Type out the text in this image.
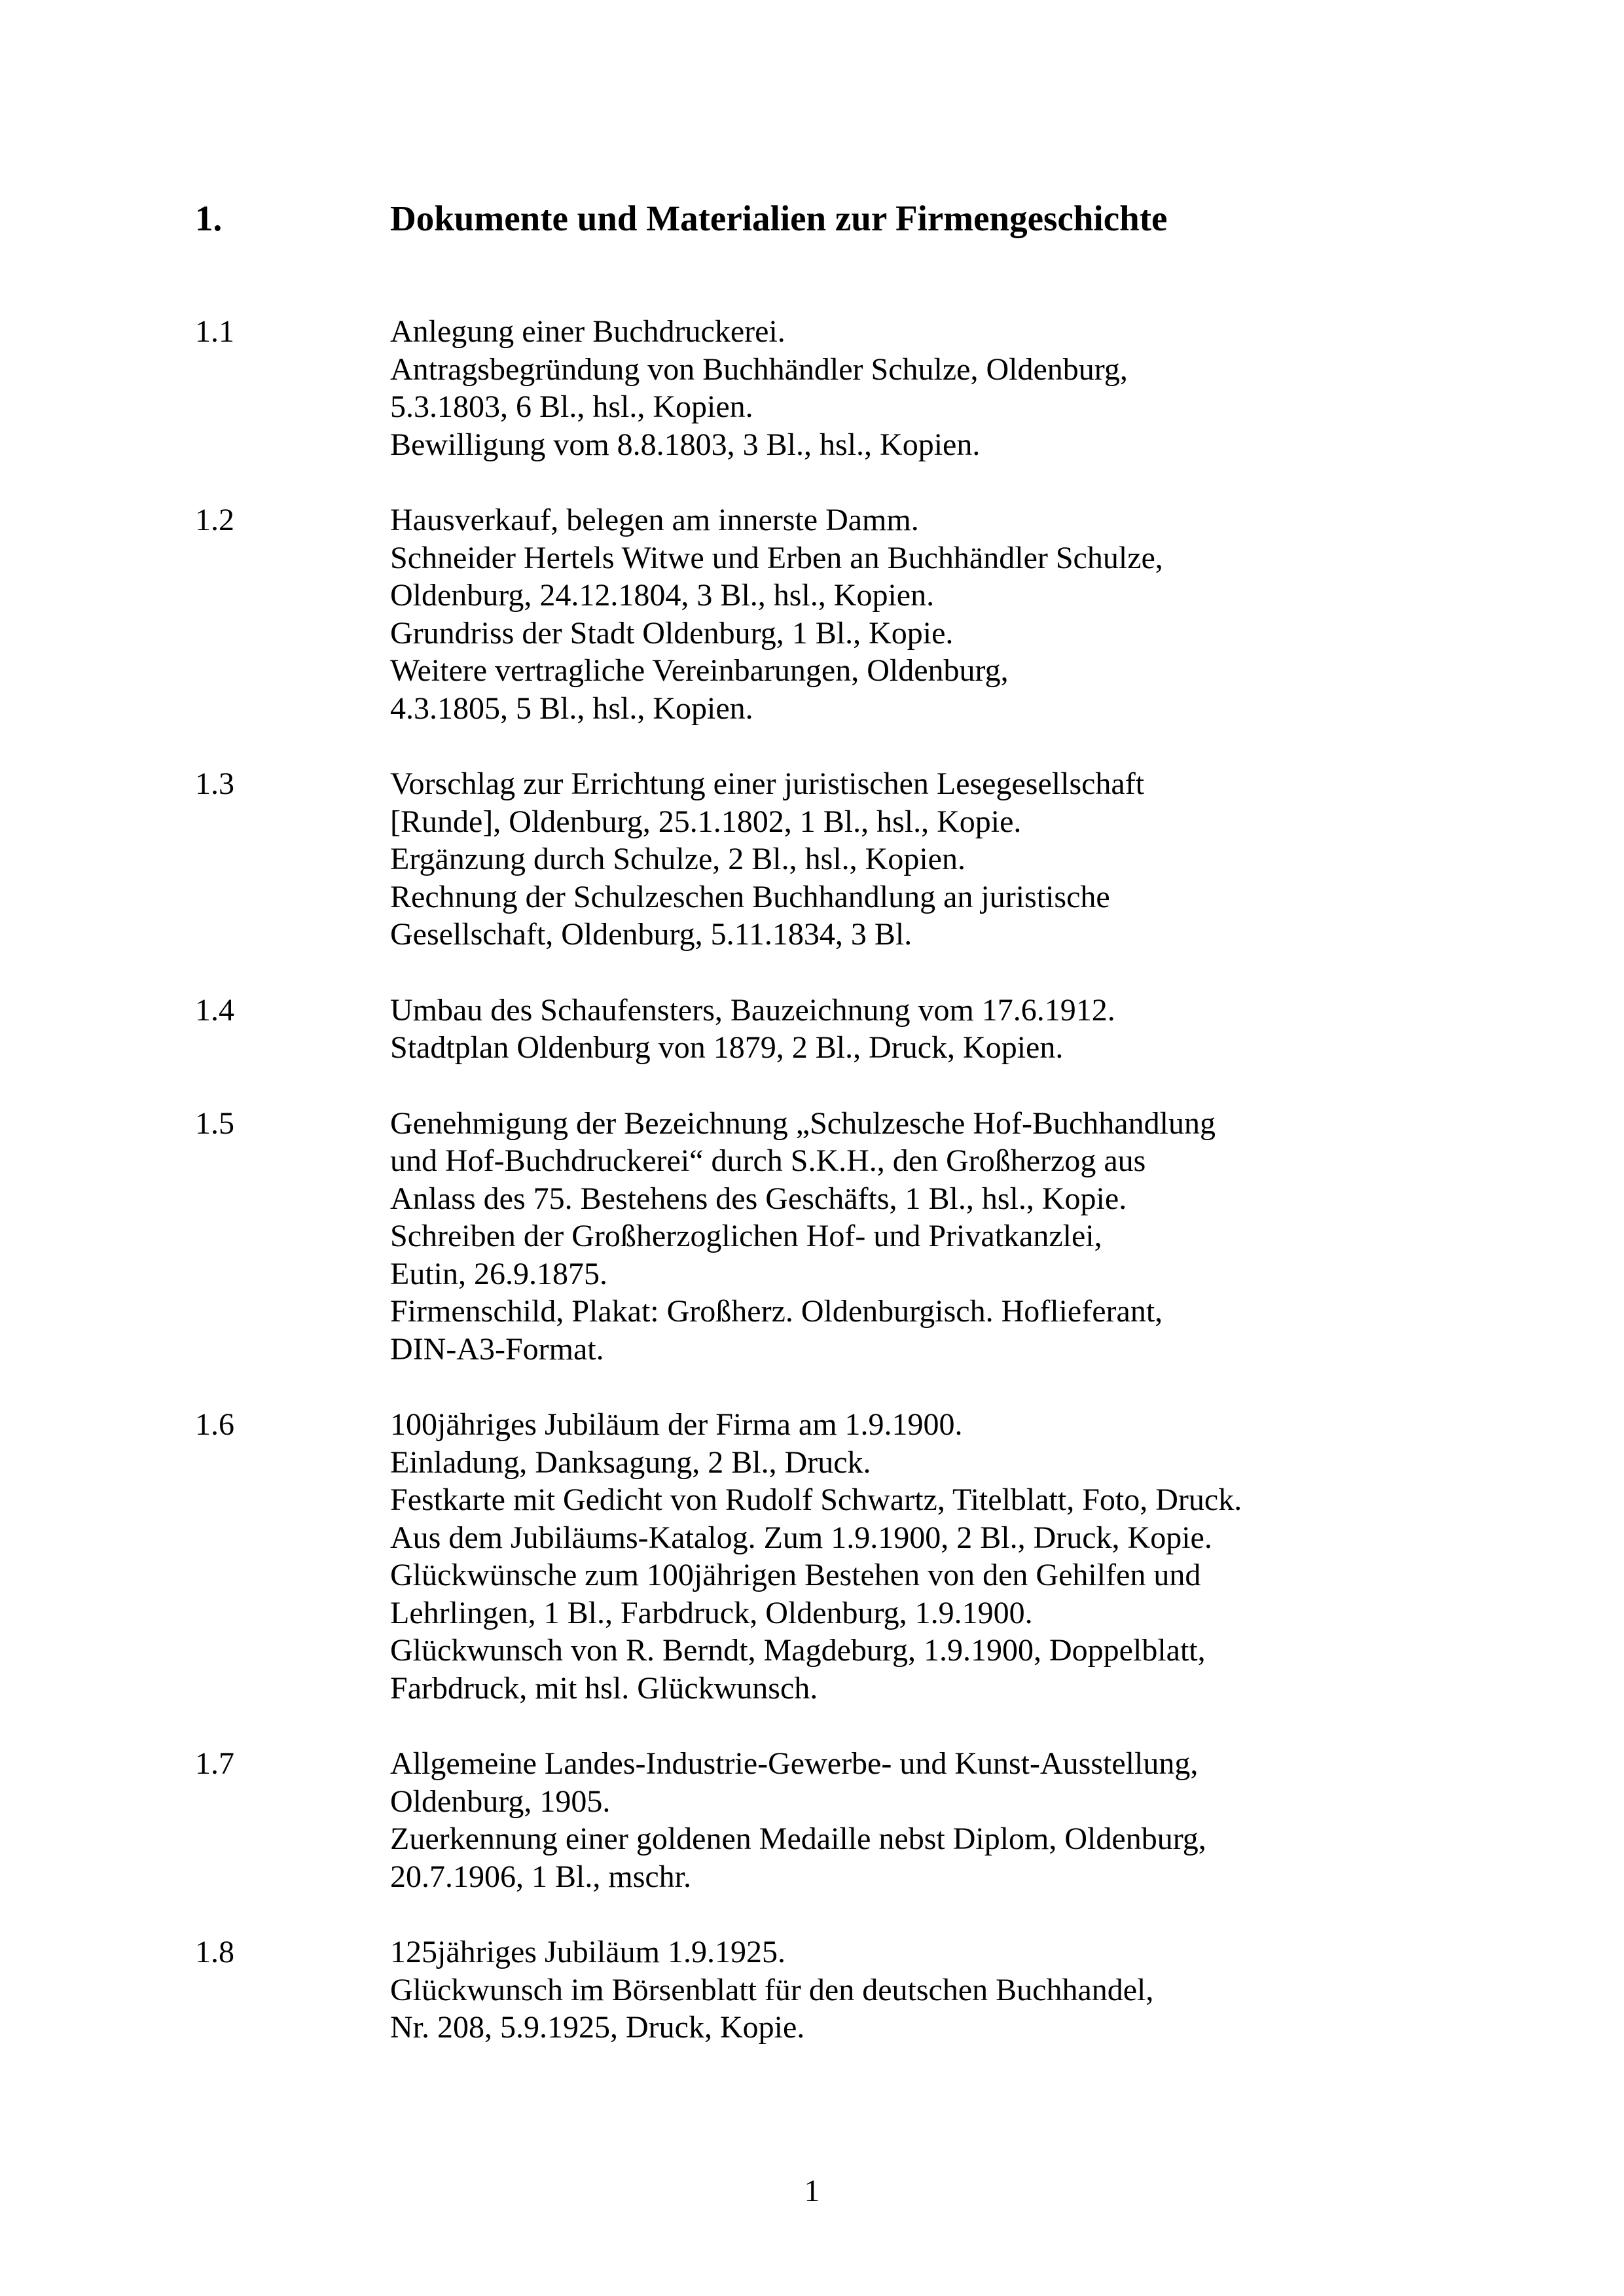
1.	Dokumente und Materialien zur Firmengeschichte
1.1	Anlegung einer Buchdruckerei.
Antragsbegründung von Buchhändler Schulze, Oldenburg,
5.3.1803, 6 Bl., hsl., Kopien.
Bewilligung vom 8.8.1803, 3 Bl., hsl., Kopien.
1.2	Hausverkauf, belegen am innerste Damm.
Schneider Hertels Witwe und Erben an Buchhändler Schulze,
Oldenburg, 24.12.1804, 3 Bl., hsl., Kopien.
Grundriss der Stadt Oldenburg, 1 Bl., Kopie.
Weitere vertragliche Vereinbarungen, Oldenburg,
4.3.1805, 5 Bl., hsl., Kopien.
1.3	Vorschlag zur Errichtung einer juristischen Lesegesellschaft
[Runde], Oldenburg, 25.1.1802, 1 Bl., hsl., Kopie.
Ergänzung durch Schulze, 2 Bl., hsl., Kopien.
Rechnung der Schulzeschen Buchhandlung an juristische
Gesellschaft, Oldenburg, 5.11.1834, 3 Bl.
1.4	Umbau des Schaufensters, Bauzeichnung vom 17.6.1912.
Stadtplan Oldenburg von 1879, 2 Bl., Druck, Kopien.
1.5	Genehmigung der Bezeichnung „Schulzesche Hof-Buchhandlung
und Hof-Buchdruckerei“ durch S.K.H., den Großherzog aus
Anlass des 75. Bestehens des Geschäfts, 1 Bl., hsl., Kopie.
Schreiben der Großherzoglichen Hof- und Privatkanzlei,
Eutin, 26.9.1875.
Firmenschild, Plakat: Großherz. Oldenburgisch. Hoflieferant,
DIN-A3-Format.
1.6	100jähriges Jubiläum der Firma am 1.9.1900.
Einladung, Danksagung, 2 Bl., Druck.
Festkarte mit Gedicht von Rudolf Schwartz, Titelblatt, Foto, Druck.
Aus dem Jubiläums-Katalog. Zum 1.9.1900, 2 Bl., Druck, Kopie.
Glückwünsche zum 100jährigen Bestehen von den Gehilfen und
Lehrlingen, 1 Bl., Farbdruck, Oldenburg, 1.9.1900.
Glückwunsch von R. Berndt, Magdeburg, 1.9.1900, Doppelblatt,
Farbdruck, mit hsl. Glückwunsch.
1.7	Allgemeine Landes-Industrie-Gewerbe- und Kunst-Ausstellung,
Oldenburg, 1905.
Zuerkennung einer goldenen Medaille nebst Diplom, Oldenburg,
20.7.1906, 1 Bl., mschr.
1.8	125jähriges Jubiläum 1.9.1925.
Glückwunsch im Börsenblatt für den deutschen Buchhandel,
Nr. 208, 5.9.1925, Druck, Kopie.
1
